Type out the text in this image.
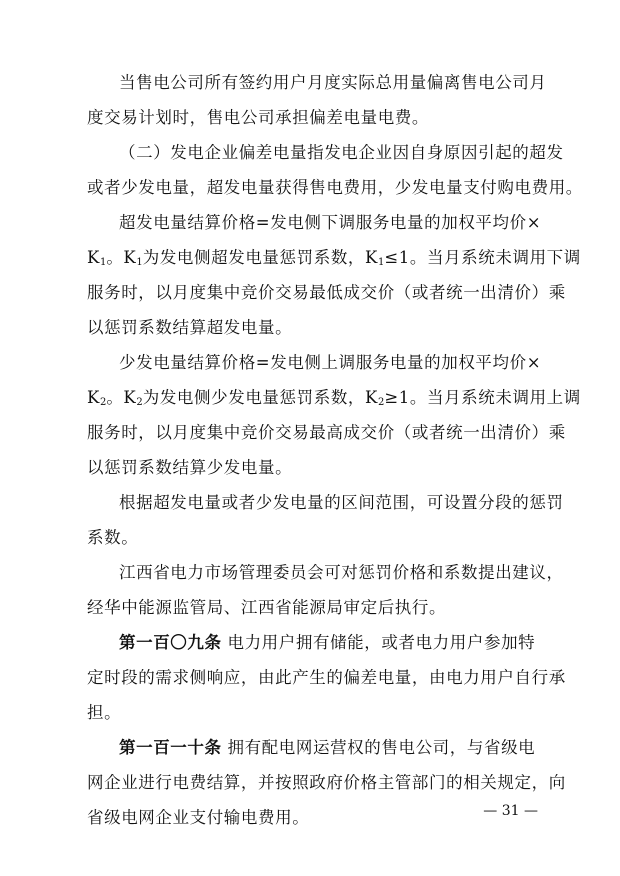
当售电公司所有签约用户月度实际总用量偏离售电公司月
度交易计划时，售电公司承担偏差电量电费。
（二）发电企业偏差电量指发电企业因自身原因引起的超发
或者少发电量，超发电量获得售电费用，少发电量支付购电费用。
超发电量结算价格=发电侧下调服务电量的加权平均价×
$K_1$。$K_1$为发电侧超发电量惩罚系数，$K_1\le 1$。当月系统未调用下调
服务时，以月度集中竞价交易最低成交价（或者统一出清价）乘
以惩罚系数结算超发电量。
少发电量结算价格=发电侧上调服务电量的加权平均价×
$K_2$。$K_2$为发电侧少发电量惩罚系数，$K_2\ge 1$。当月系统未调用上调
服务时，以月度集中竞价交易最高成交价（或者统一出清价）乘
以惩罚系数结算少发电量。
根据超发电量或者少发电量的区间范围，可设置分段的惩罚
系数。
江西省电力市场管理委员会可对惩罚价格和系数提出建议，
经华中能源监管局、江西省能源局审定后执行。
第一百〇九条 电力用户拥有储能，或者电力用户参加特
定时段的需求侧响应，由此产生的偏差电量，由电力用户自行承
担。
第一百一十条 拥有配电网运营权的售电公司，与省级电
网企业进行电费结算，并按照政府价格主管部门的相关规定，向
省级电网企业支付输电费用。	— 31 —
